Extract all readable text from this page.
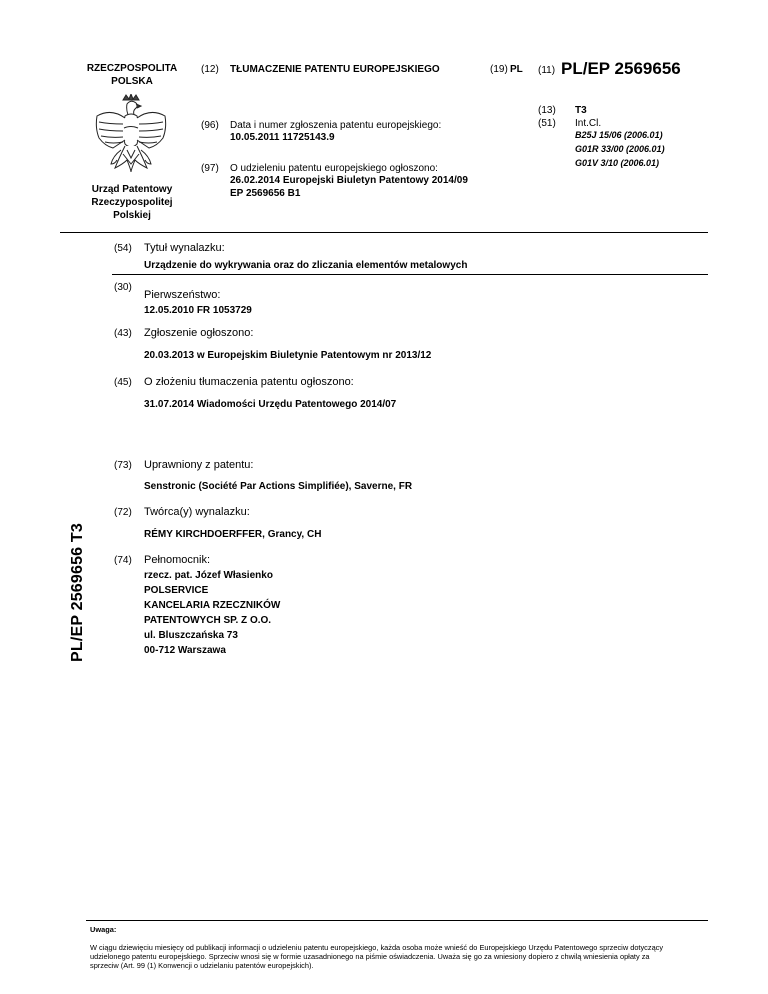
RZECZPOSPOLITA
POLSKA
Urząd Patentowy
Rzeczypospolitej
Polskiej
(12) TŁUMACZENIE PATENTU EUROPEJSKIEGO	(19) PL (11) PL/EP 2569656
(13) T3
(51) Int.Cl.
B25J 15/06 (2006.01)
G01R 33/00 (2006.01)
G01V 3/10 (2006.01)
(96) Data i numer zgłoszenia patentu europejskiego:
10.05.2011 11725143.9
(97) O udzieleniu patentu europejskiego ogłoszono:
26.02.2014 Europejski Biuletyn Patentowy 2014/09
EP 2569656 B1
(54) Tytuł wynalazku:
Urządzenie do wykrywania oraz do zliczania elementów metalowych
(30)
Pierwszeństwo:
12.05.2010 FR 1053729
(43) Zgłoszenie ogłoszono:
20.03.2013 w Europejskim Biuletynie Patentowym nr 2013/12
(45) O złożeniu tłumaczenia patentu ogłoszono:
31.07.2014 Wiadomości Urzędu Patentowego 2014/07
(73) Uprawniony z patentu:
Senstronic (Société Par Actions Simplifiée), Saverne, FR
(72) Twórca(y) wynalazku:
RÉMY KIRCHDOERFFER, Grancy, CH
(74) Pełnomocnik:
rzecz. pat. Józef Własienko
POLSERVICE
KANCELARIA RZECZNIKÓW
PATENTOWYCH SP. Z O.O.
ul. Bluszczańska 73
00-712 Warszawa
PL/EP 2569656 T3
Uwaga:
W ciągu dziewięciu miesięcy od publikacji informacji o udzieleniu patentu europejskiego, każda osoba może wnieść do Europejskiego Urzędu Patentowego sprzeciw dotyczący
udzielonego patentu europejskiego. Sprzeciw wnosi się w formie uzasadnionego na piśmie oświadczenia. Uważa się go za wniesiony dopiero z chwilą wniesienia opłaty za
sprzeciw (Art. 99 (1) Konwencji o udzielaniu patentów europejskich).
